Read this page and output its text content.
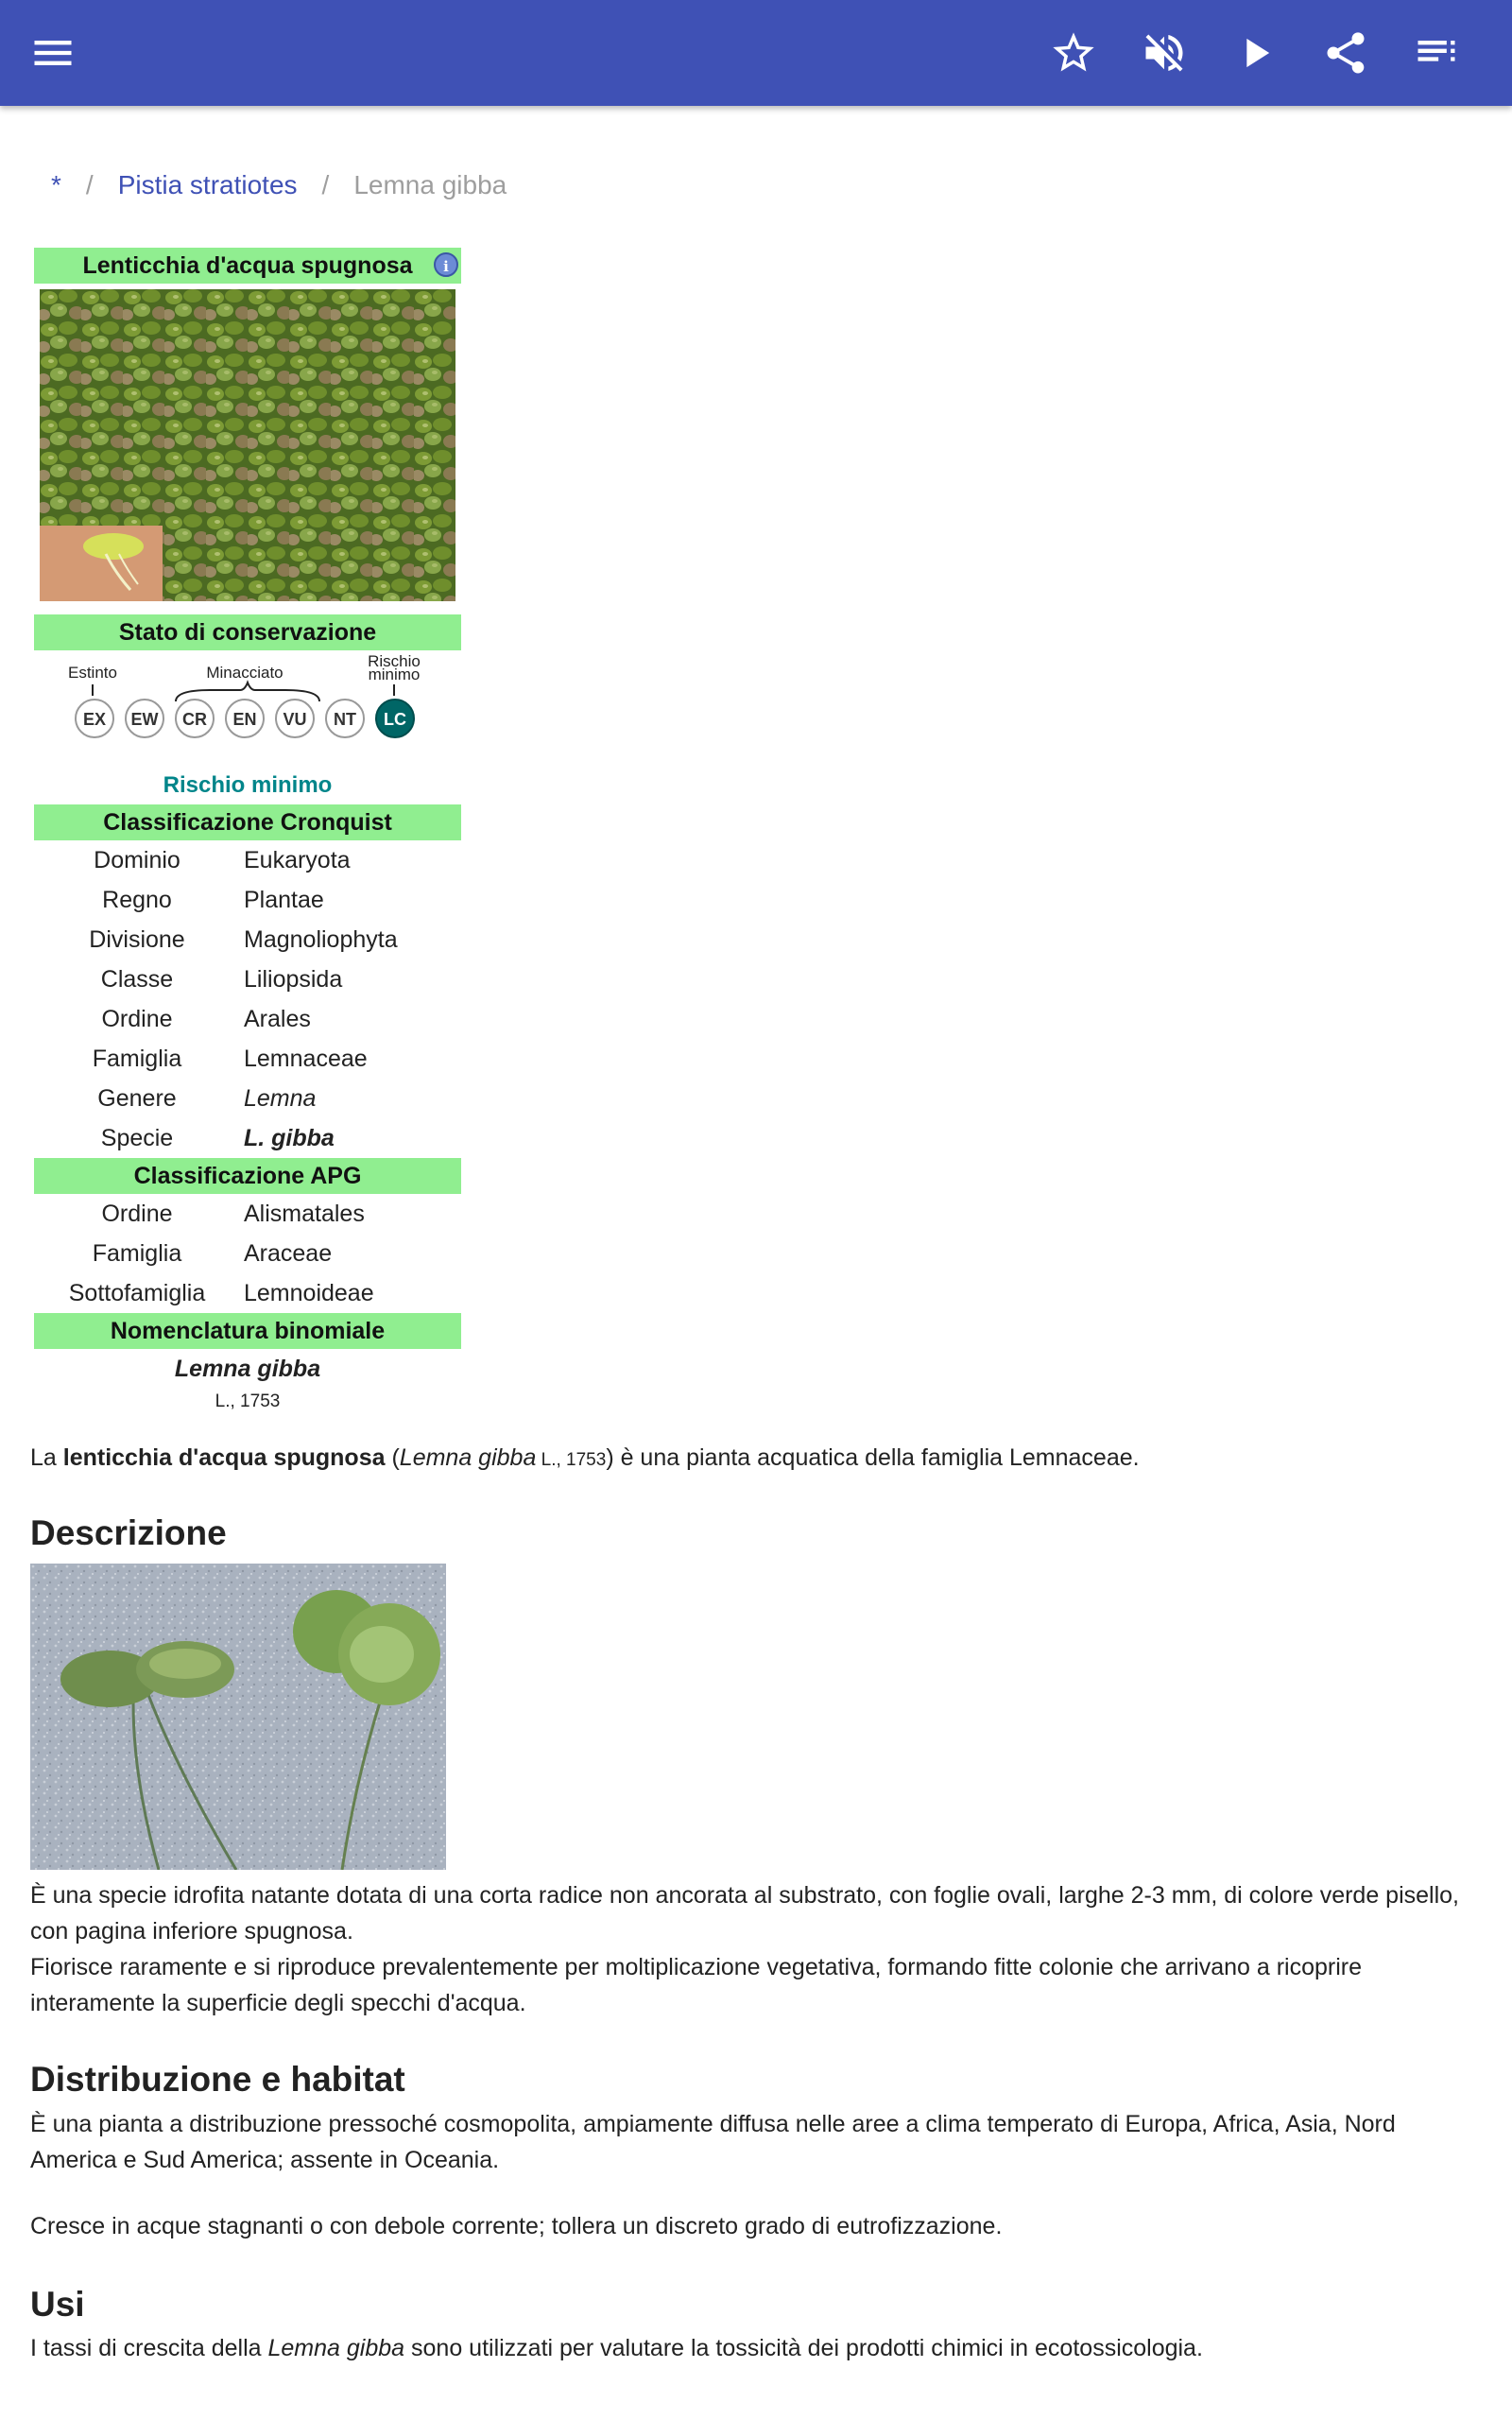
* / Pistia stratiotes / Lemna gibba
Lenticchia d'acqua spugnosa	i
Stato di conservazione
Estinto	Minacciato
Rischio
minimo
EX EW CR EN VU NT LC
Rischio minimo
Classificazione Cronquist
Dominio	Eukaryota
Regno	Plantae
Divisione	Magnoliophyta
Classe	Liliopsida
Ordine	Arales
Famiglia	Lemnaceae
Genere	Lemna
Specie	L. gibba
Classificazione APG
Ordine	Alismatales
Famiglia	Araceae
Sottofamiglia	Lemnoideae
Nomenclatura binomiale
Lemna gibba
L., 1753

La lenticchia d'acqua spugnosa (Lemna gibba L., 1753) è una pianta acquatica della famiglia Lemnaceae.

Descrizione

È una specie idrofita natante dotata di una corta radice non ancorata al substrato, con foglie ovali, larghe 2-3 mm, di colore verde pisello, con pagina inferiore spugnosa.

Fiorisce raramente e si riproduce prevalentemente per moltiplicazione vegetativa, formando fitte colonie che arrivano a ricoprire interamente la superficie degli specchi d'acqua.

Distribuzione e habitat

È una pianta a distribuzione pressoché cosmopolita, ampiamente diffusa nelle aree a clima temperato di Europa, Africa, Asia, Nord America e Sud America; assente in Oceania.

Cresce in acque stagnanti o con debole corrente; tollera un discreto grado di eutrofizzazione.

Usi

I tassi di crescita della Lemna gibba sono utilizzati per valutare la tossicità dei prodotti chimici in ecotossicologia.
